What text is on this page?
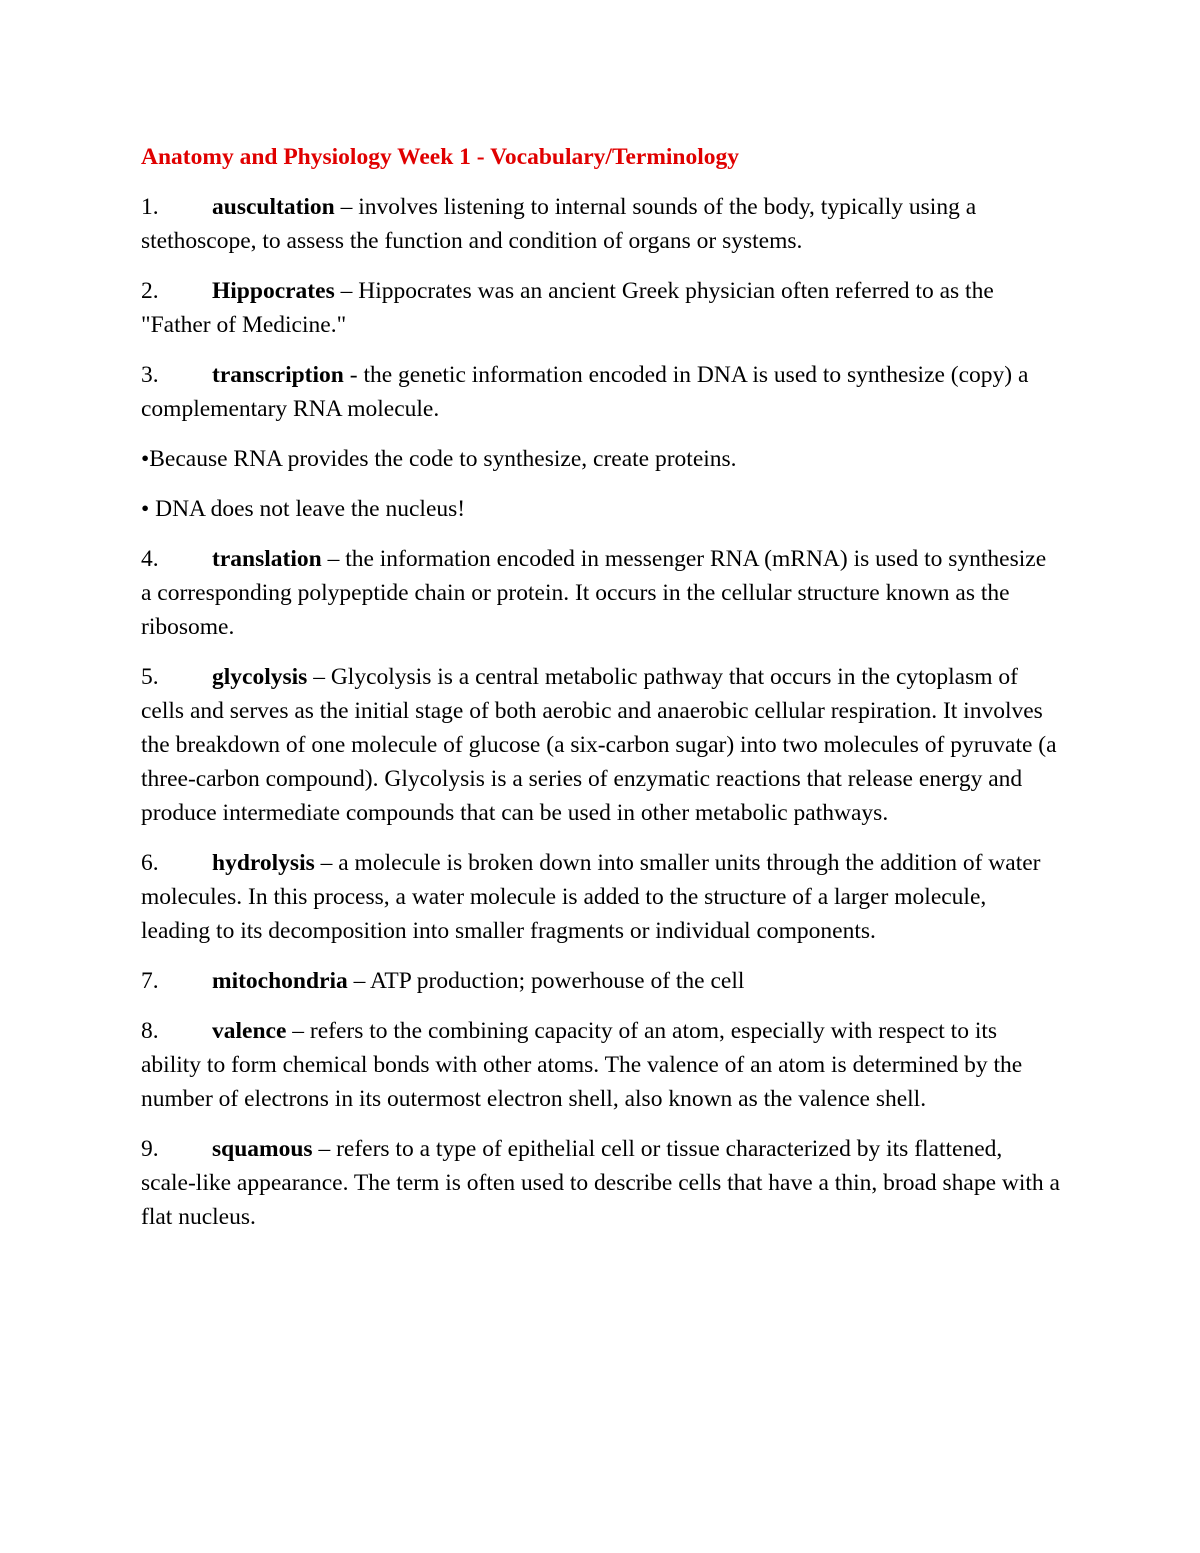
Anatomy and Physiology Week 1 - Vocabulary/Terminology

1. auscultation – involves listening to internal sounds of the body, typically using a stethoscope, to assess the function and condition of organs or systems.

2. Hippocrates – Hippocrates was an ancient Greek physician often referred to as the "Father of Medicine."

3. transcription - the genetic information encoded in DNA is used to synthesize (copy) a complementary RNA molecule.

•Because RNA provides the code to synthesize, create proteins.

• DNA does not leave the nucleus!

4. translation – the information encoded in messenger RNA (mRNA) is used to synthesize a corresponding polypeptide chain or protein. It occurs in the cellular structure known as the ribosome.

5. glycolysis – Glycolysis is a central metabolic pathway that occurs in the cytoplasm of cells and serves as the initial stage of both aerobic and anaerobic cellular respiration. It involves the breakdown of one molecule of glucose (a six-carbon sugar) into two molecules of pyruvate (a three-carbon compound). Glycolysis is a series of enzymatic reactions that release energy and produce intermediate compounds that can be used in other metabolic pathways.

6. hydrolysis – a molecule is broken down into smaller units through the addition of water molecules. In this process, a water molecule is added to the structure of a larger molecule, leading to its decomposition into smaller fragments or individual components.

7. mitochondria – ATP production; powerhouse of the cell

8. valence – refers to the combining capacity of an atom, especially with respect to its ability to form chemical bonds with other atoms. The valence of an atom is determined by the number of electrons in its outermost electron shell, also known as the valence shell.

9. squamous – refers to a type of epithelial cell or tissue characterized by its flattened, scale-like appearance. The term is often used to describe cells that have a thin, broad shape with a flat nucleus.
